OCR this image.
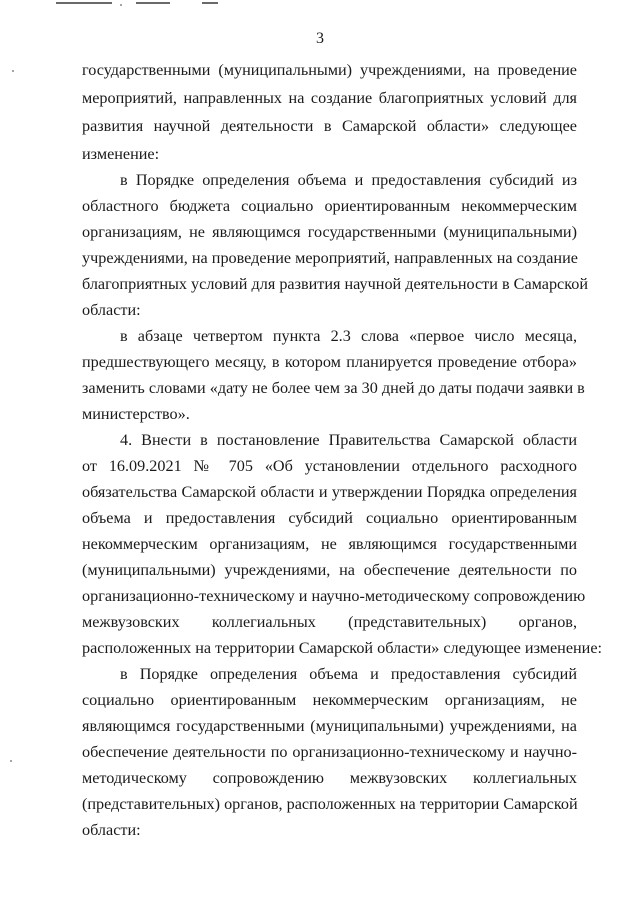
3
государственными (муниципальными) учреждениями, на проведение
мероприятий, направленных на создание благоприятных условий для
развития научной деятельности в Самарской области» следующее
изменение:
в Порядке определения объема и предоставления субсидий из
областного бюджета социально ориентированным некоммерческим
организациям, не являющимся государственными (муниципальными)
учреждениями, на проведение мероприятий, направленных на создание
благоприятных условий для развития научной деятельности в Самарской
области:
в абзаце четвертом пункта 2.3 слова «первое число месяца,
предшествующего месяцу, в котором планируется проведение отбора»
заменить словами «дату не более чем за 30 дней до даты подачи заявки в
министерство».
4. Внести в постановление Правительства Самарской области
от 16.09.2021 № 705 «Об установлении отдельного расходного
обязательства Самарской области и утверждении Порядка определения
объема и предоставления субсидий социально ориентированным
некоммерческим организациям, не являющимся государственными
(муниципальными) учреждениями, на обеспечение деятельности по
организационно-техническому и научно-методическому сопровождению
межвузовских коллегиальных (представительных) органов,
расположенных на территории Самарской области» следующее изменение:
в Порядке определения объема и предоставления субсидий
социально ориентированным некоммерческим организациям, не
являющимся государственными (муниципальными) учреждениями, на
обеспечение деятельности по организационно-техническому и научно-
методическому сопровождению межвузовских коллегиальных
(представительных) органов, расположенных на территории Самарской
области:
